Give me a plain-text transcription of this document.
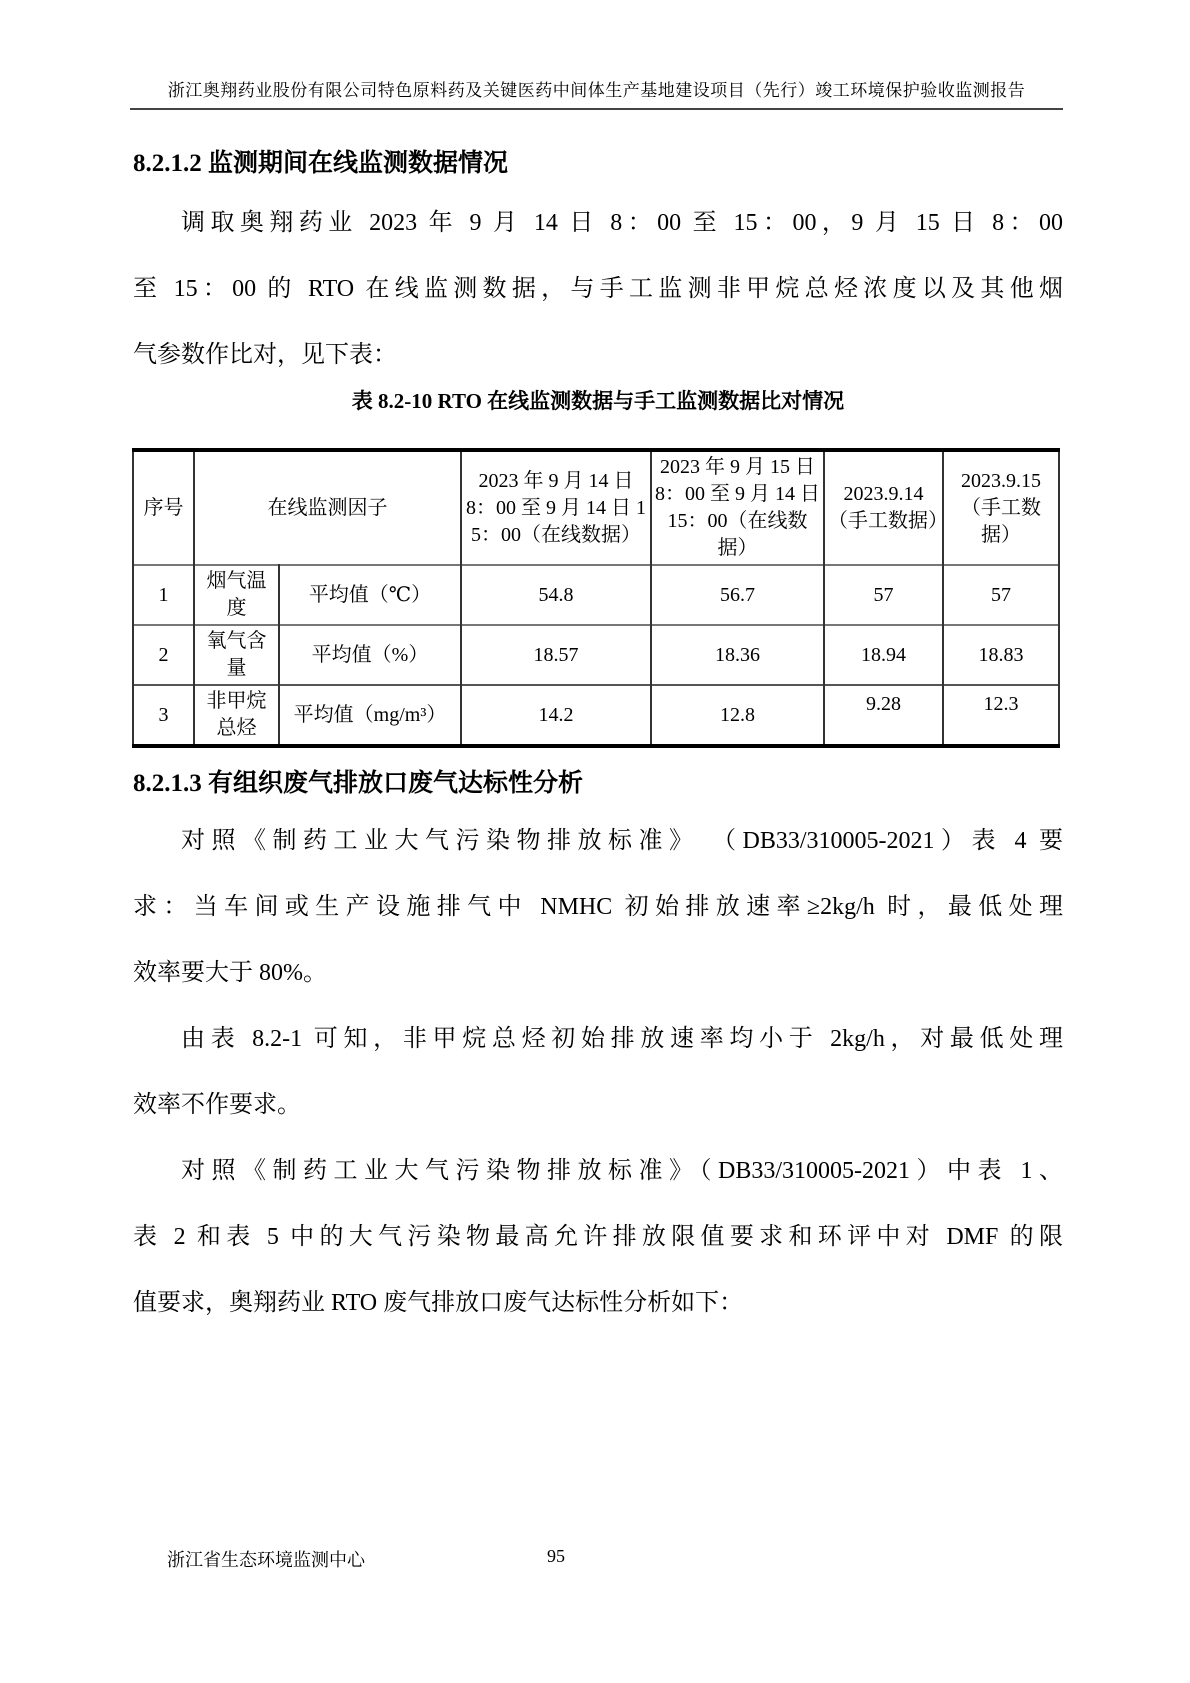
浙江奥翔药业股份有限公司特色原料药及关键医药中间体生产基地建设项目（先行）竣工环境保护验收监测报告
8.2.1.2 监测期间在线监测数据情况
调取奥翔药业 2023 年 9 月 14 日 8：00 至 15：00，9 月 15 日 8：00
至 15：00 的 RTO 在线监测数据，与手工监测非甲烷总烃浓度以及其他烟
气参数作比对，见下表：
表 8.2-10 RTO 在线监测数据与手工监测数据比对情况
序号	在线监测因子		2023 年 9 月 14 日 8：00 至 9 月 14 日 15：00（在线数据）	2023 年 9 月 15 日 8：00 至 9 月 14 日 15：00（在线数据）	2023.9.14（手工数据）	2023.9.15（手工数据）
1	烟气温度	平均值（℃）	54.8	56.7	57	57
2	氧气含量	平均值（%）	18.57	18.36	18.94	18.83
3	非甲烷总烃	平均值（mg/m³）	14.2	12.8	9.28	12.3
8.2.1.3 有组织废气排放口废气达标性分析
对照《制药工业大气污染物排放标准》 （DB33/310005-2021）表 4 要
求：当车间或生产设施排气中 NMHC 初始排放速率≥2kg/h 时，最低处理
效率要大于 80%。
由表 8.2-1 可知，非甲烷总烃初始排放速率均小于 2kg/h，对最低处理
效率不作要求。
对照《制药工业大气污染物排放标准》（DB33/310005-2021）中表 1、
表 2 和表 5 中的大气污染物最高允许排放限值要求和环评中对 DMF 的限
值要求，奥翔药业 RTO 废气排放口废气达标性分析如下：
浙江省生态环境监测中心	95
